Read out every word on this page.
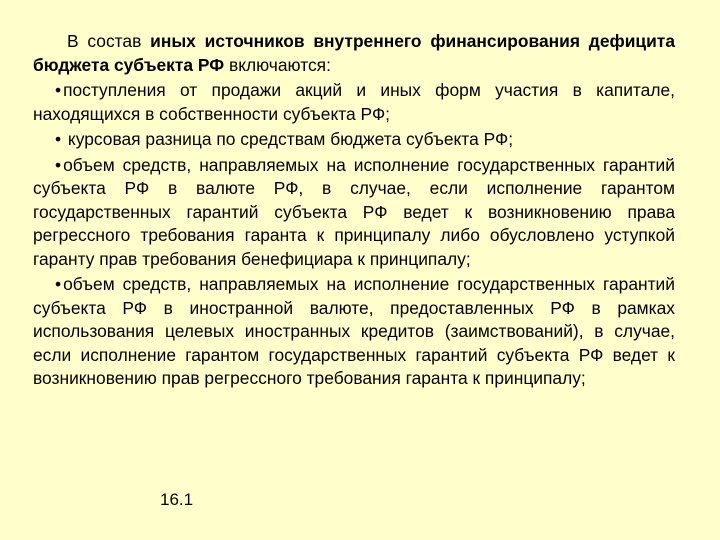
В состав иных источников внутреннего финансирования дефицита бюджета субъекта РФ включаются:

• поступления от продажи акций и иных форм участия в капитале, находящихся в собственности субъекта РФ;

• курсовая разница по средствам бюджета субъекта РФ;

• объем средств, направляемых на исполнение государственных гарантий субъекта РФ в валюте РФ, в случае, если исполнение гарантом государственных гарантий субъекта РФ ведет к возникновению права регрессного требования гаранта к принципалу либо обусловлено уступкой гаранту прав требования бенефициара к принципалу;

• объем средств, направляемых на исполнение государственных гарантий субъекта РФ в иностранной валюте, предоставленных РФ в рамках использования целевых иностранных кредитов (заимствований), в случае, если исполнение гарантом государственных гарантий субъекта РФ ведет к возникновению прав регрессного требования гаранта к принципалу;

16.1
